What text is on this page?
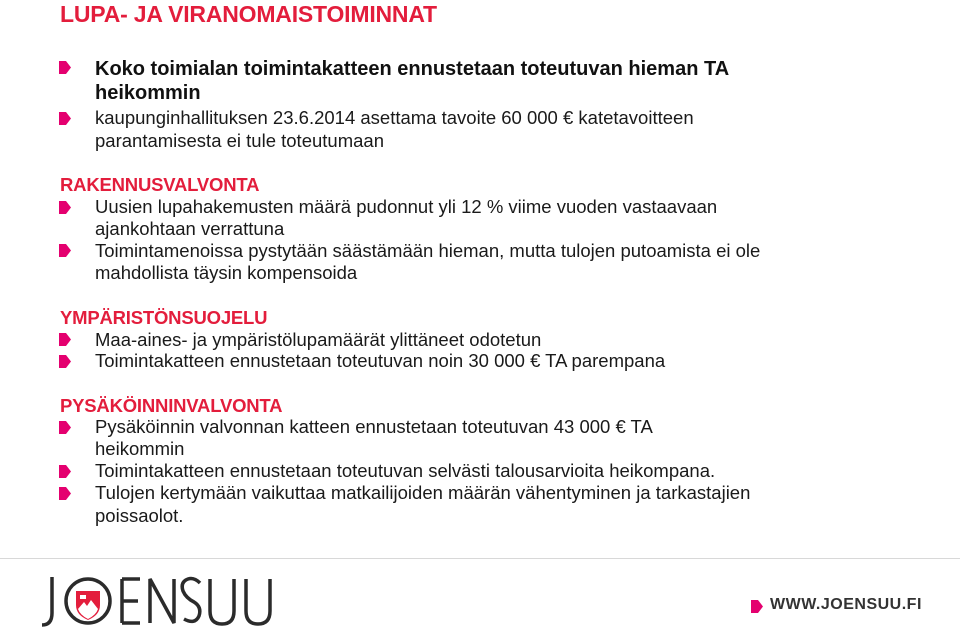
LUPA- JA VIRANOMAISTOIMINNAT
Koko toimialan toimintakatteen ennustetaan toteutuvan hieman TA
heikommin
kaupunginhallituksen 23.6.2014 asettama tavoite 60 000 € katetavoitteen
parantamisesta ei tule toteutumaan
RAKENNUSVALVONTA
Uusien lupahakemusten määrä pudonnut yli 12 % viime vuoden vastaavaan
ajankohtaan verrattuna
Toimintamenoissa pystytään säästämään hieman, mutta tulojen putoamista ei ole
mahdollista täysin kompensoida
YMPÄRISTÖNSUOJELU
Maa-aines- ja ympäristölupamäärät ylittäneet odotetun
Toimintakatteen ennustetaan toteutuvan noin 30 000 € TA parempana
PYSÄKÖINNINVALVONTA
Pysäköinnin valvonnan katteen ennustetaan toteutuvan 43 000 € TA
heikommin
Toimintakatteen ennustetaan toteutuvan selvästi talousarvioita heikompana.
Tulojen kertymään vaikuttaa matkailijoiden määrän vähentyminen ja tarkastajien
poissaolot.
WWW.JOENSUU.FI
